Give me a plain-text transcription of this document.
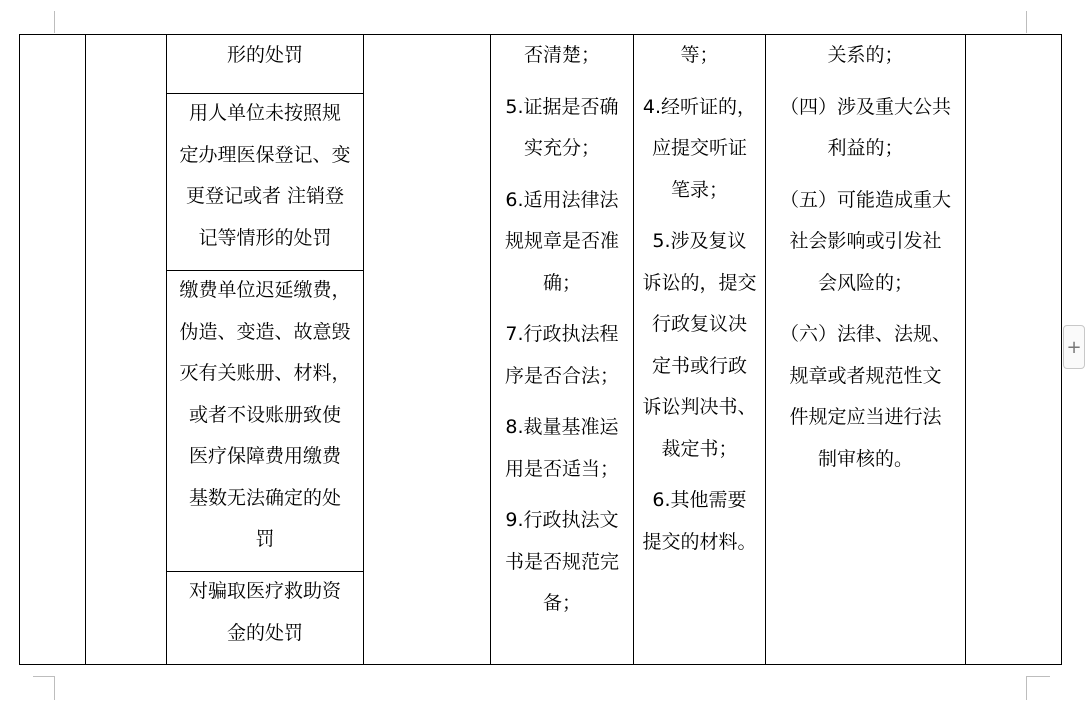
形的处罚
用人单位未按照规
定办理医保登记、变
更登记或者 注销登
记等情形的处罚
缴费单位迟延缴费，
伪造、变造、故意毁
灭有关账册、材料，
或者不设账册致使
医疗保障费用缴费
基数无法确定的处
罚
对骗取医疗救助资
金的处罚
否清楚；
5.证据是否确
实充分；
6.适用法律法
规规章是否准
确；
7.行政执法程
序是否合法；
8.裁量基准运
用是否适当；
9.行政执法文
书是否规范完
备；
等；
4.经听证的，
应提交听证
笔录；
5.涉及复议
诉讼的，提交
行政复议决
定书或行政
诉讼判决书、
裁定书；
6.其他需要
提交的材料。
关系的；
（四）涉及重大公共
利益的；
（五）可能造成重大
社会影响或引发社
会风险的；
（六）法律、法规、
规章或者规范性文
件规定应当进行法
制审核的。
+
